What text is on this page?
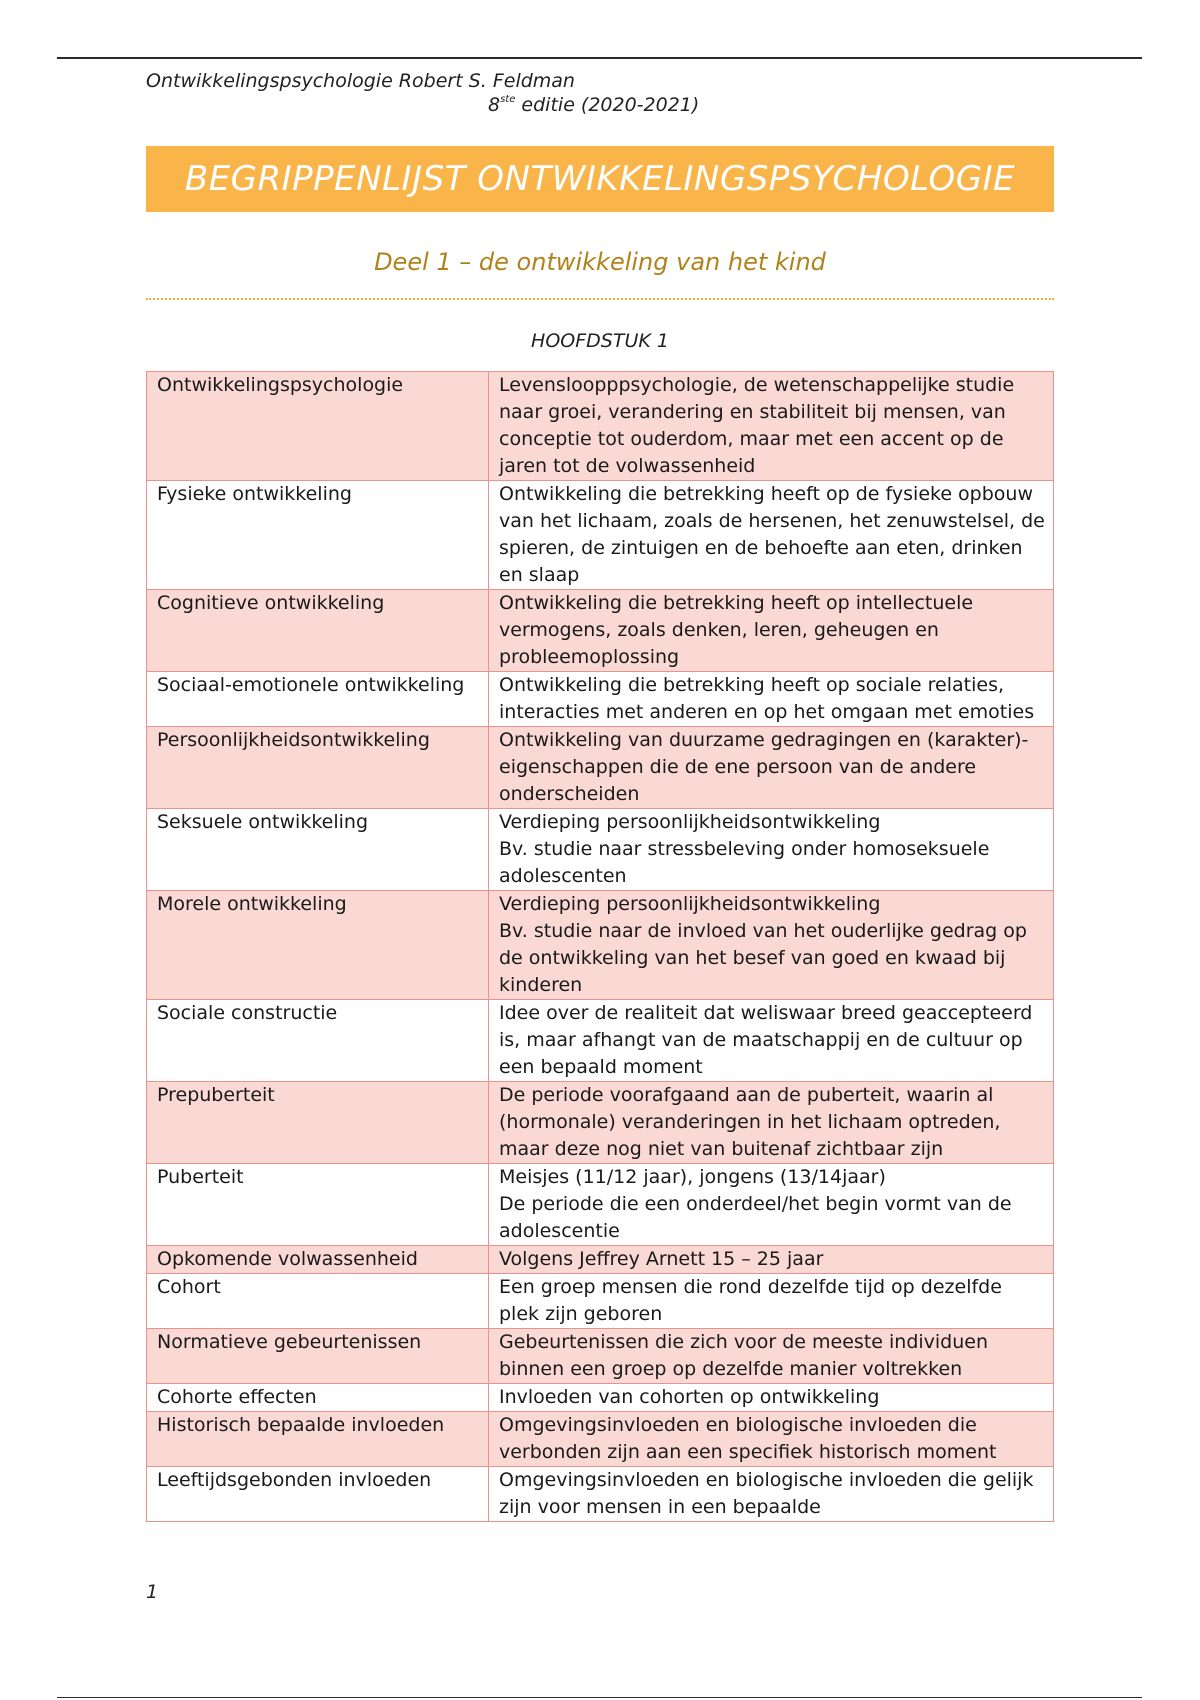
Ontwikkelingspsychologie Robert S. Feldman
8ste editie (2020-2021)
BEGRIPPENLIJST ONTWIKKELINGSPSYCHOLOGIE
Deel 1 – de ontwikkeling van het kind
HOOFDSTUK 1
Ontwikkelingspsychologie	Levensloopppsychologie, de wetenschappelijke studie naar groei, verandering en stabiliteit bij mensen, van conceptie tot ouderdom, maar met een accent op de jaren tot de volwassenheid

Fysieke ontwikkeling	Ontwikkeling die betrekking heeft op de fysieke opbouw van het lichaam, zoals de hersenen, het zenuwstelsel, de spieren, de zintuigen en de behoefte aan eten, drinken en slaap

Cognitieve ontwikkeling	Ontwikkeling die betrekking heeft op intellectuele vermogens, zoals denken, leren, geheugen en probleemoplossing

Sociaal-emotionele ontwikkeling	Ontwikkeling die betrekking heeft op sociale relaties, interacties met anderen en op het omgaan met emoties

Persoonlijkheidsontwikkeling	Ontwikkeling van duurzame gedragingen en (karakter)-eigenschappen die de ene persoon van de andere onderscheiden

Seksuele ontwikkeling	Verdieping persoonlijkheidsontwikkeling
Bv. studie naar stressbeleving onder homoseksuele adolescenten

Morele ontwikkeling	Verdieping persoonlijkheidsontwikkeling
Bv. studie naar de invloed van het ouderlijke gedrag op de ontwikkeling van het besef van goed en kwaad bij kinderen

Sociale constructie	Idee over de realiteit dat weliswaar breed geaccepteerd is, maar afhangt van de maatschappij en de cultuur op een bepaald moment

Prepuberteit	De periode voorafgaand aan de puberteit, waarin al (hormonale) veranderingen in het lichaam optreden, maar deze nog niet van buitenaf zichtbaar zijn

Puberteit	Meisjes (11/12 jaar), jongens (13/14jaar)
De periode die een onderdeel/het begin vormt van de adolescentie

Opkomende volwassenheid	Volgens Jeffrey Arnett 15 – 25 jaar

Cohort	Een groep mensen die rond dezelfde tijd op dezelfde plek zijn geboren

Normatieve gebeurtenissen	Gebeurtenissen die zich voor de meeste individuen binnen een groep op dezelfde manier voltrekken

Cohorte effecten	Invloeden van cohorten op ontwikkeling

Historisch bepaalde invloeden	Omgevingsinvloeden en biologische invloeden die verbonden zijn aan een specifiek historisch moment

Leeftijdsgebonden invloeden	Omgevingsinvloeden en biologische invloeden die gelijk zijn voor mensen in een bepaalde
1
